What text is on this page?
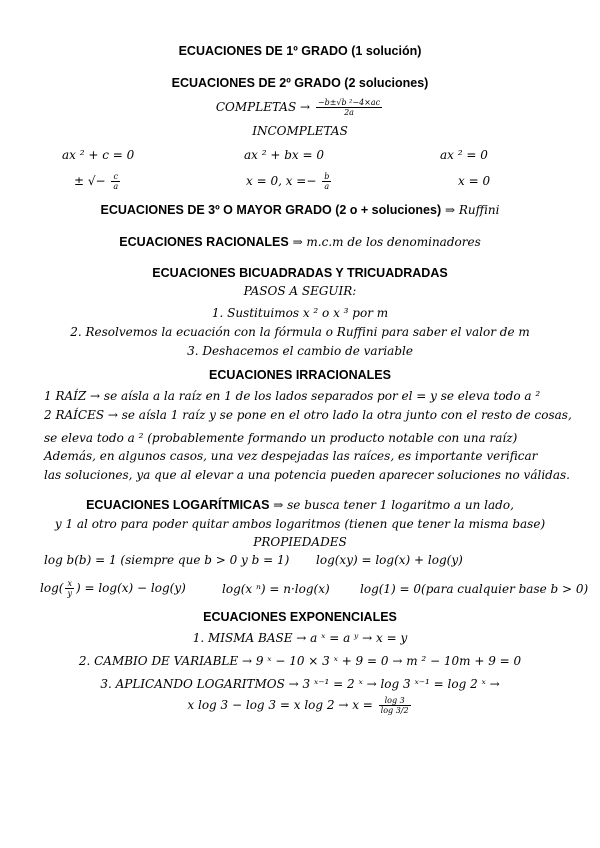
ECUACIONES DE 1º GRADO (1 solución)
ECUACIONES DE 2º GRADO (2 soluciones)
COMPLETAS → $\frac{\text{−b±√b ²−4×ac}}{2a}$
INCOMPLETAS
ax ² + c = 0	ax ² + bx = 0	ax ² = 0
± √− $\frac{c}{a}$	x = 0, $x =- \frac{b}{a}$	x = 0
ECUACIONES DE 3º O MAYOR GRADO (2 o + soluciones) ⇒ Ruffini
ECUACIONES RACIONALES ⇒ m.c.m de los denominadores
ECUACIONES BICUADRADAS Y TRICUADRADAS
PASOS A SEGUIR:
1. Sustituimos x ² o x ³ por m
2. Resolvemos la ecuación con la fórmula o Ruffini para saber el valor de m
3. Deshacemos el cambio de variable
ECUACIONES IRRACIONALES
1 RAÍZ → se aísla a la raíz en 1 de los lados separados por el = y se eleva todo a ²
2 RAÍCES → se aísla 1 raíz y se pone en el otro lado la otra junto con el resto de cosas,
se eleva todo a ² (probablemente formando un producto notable con una raíz)
Además, en algunos casos, una vez despejadas las raíces, es importante verificar
las soluciones, ya que al elevar a una potencia pueden aparecer soluciones no válidas.
ECUACIONES LOGARÍTMICAS ⇒ se busca tener 1 logaritmo a un lado,
y 1 al otro para poder quitar ambos logaritmos (tienen que tener la misma base)
PROPIEDADES
log b(b) = 1 (siempre que b > 0 y b = 1) log(xy) = log(x) + log(y)
$\log( \frac{x}{y}$ ) = log(x) − log(y)	log(x ⁿ) = n·log(x)	log(1) = 0(para cualquier base b > 0)
ECUACIONES EXPONENCIALES
1. MISMA BASE → a ˣ = a ʸ → x = y
2. CAMBIO DE VARIABLE → 9 ˣ − 10 × 3 ˣ + 9 = 0 → m ² − 10m + 9 = 0
3. APLICANDO LOGARITMOS → 3 ˣ⁻¹ = 2 ˣ → log 3 ˣ⁻¹ = log 2 ˣ →
x log 3 − log 3 = x $\log 2 \to x = \frac{\log 3}{\log 3/2}$
